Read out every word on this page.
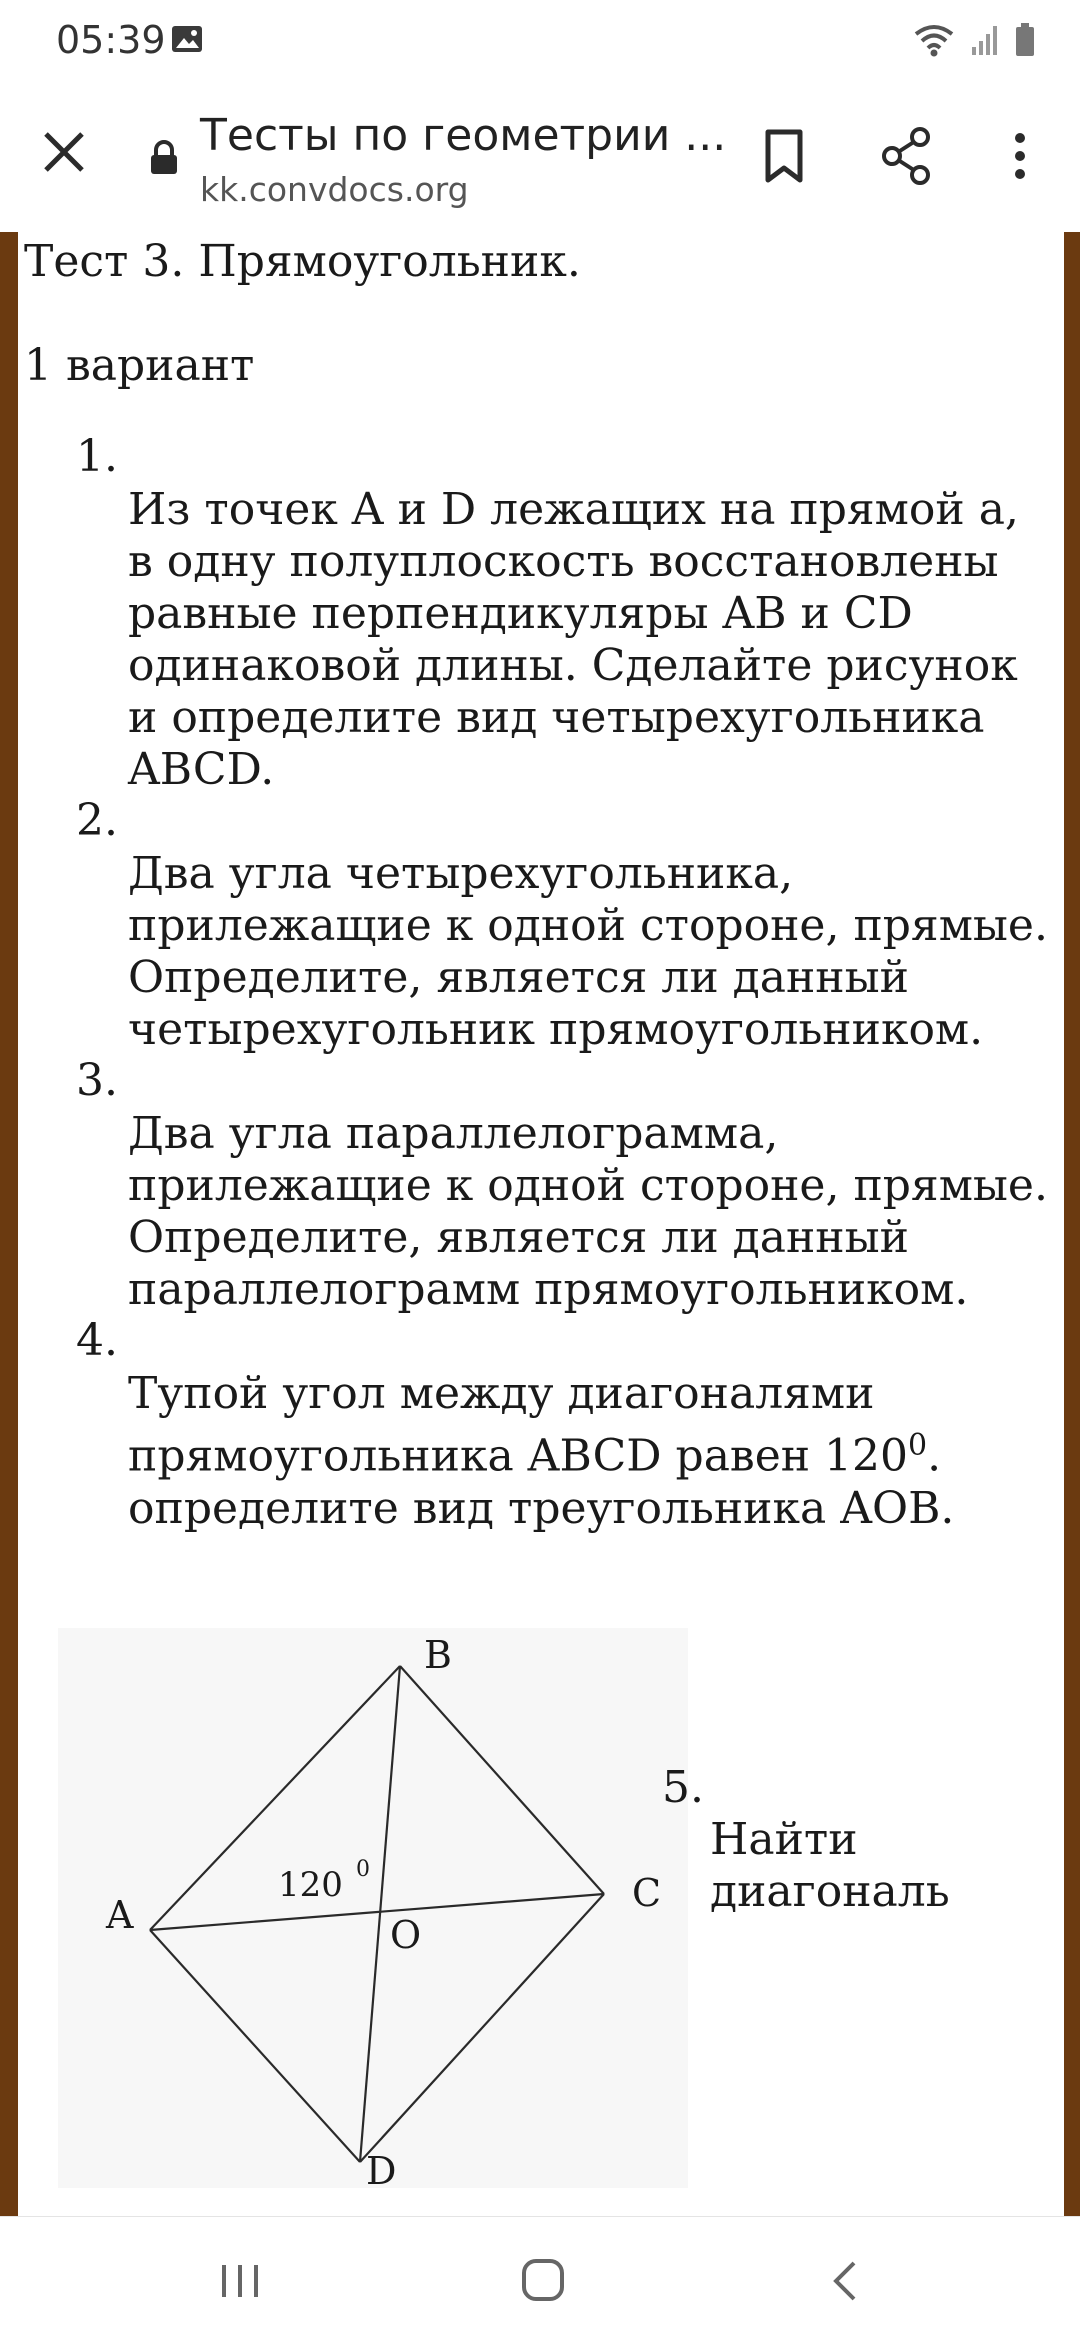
05:39
Тесты по геометрии ...
kk.convdocs.org
Тест 3. Прямоугольник.
1 вариант
1.
Из точек A и D лежащих на прямой а, в одну полуплоскость восстановлены равные перпендикуляры AB и CD одинаковой длины. Сделайте рисунок и определите вид четырехугольника ABCD.
2.
Два угла четырехугольника, прилежащие к одной стороне, прямые. Определите, является ли данный четырехугольник прямоугольником.
3.
Два угла параллелограмма, прилежащие к одной стороне, прямые. Определите, является ли данный параллелограмм прямоугольником.
4.
Тупой угол между диагоналями прямоугольника ABCD равен $120^0$. определите вид треугольника AOB.
A
B
C
D
O
120 0
5.
Найти
диагональ
